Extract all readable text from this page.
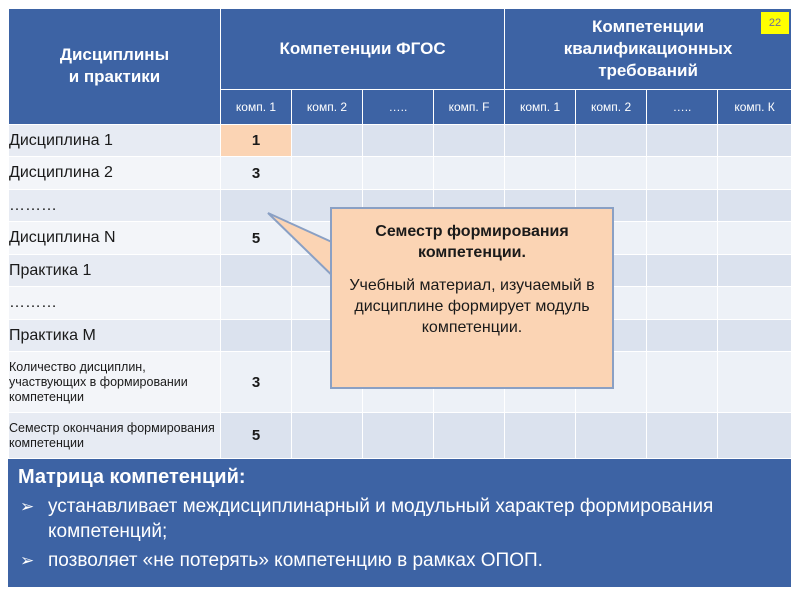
Дисциплины
и практики	Компетенции ФГОС				Компетенции квалификационных требований			
	комп. 1	комп. 2	…..	комп. F	комп. 1	комп. 2	…..	комп. К
Дисциплина 1	1							
Дисциплина 2	3							
………								
Дисциплина N	5							
Практика 1								
………								
Практика M								
Количество дисциплин, участвующих в формировании компетенции	3							
Семестр окончания формирования компетенции	5							
22
Семестр формирования компетенции.
Учебный материал, изучаемый в дисциплине формирует модуль компетенции.
Матрица компетенций:
➢ устанавливает междисциплинарный и модульный характер формирования компетенций;
➢ позволяет «не потерять» компетенцию в рамках ОПОП.
